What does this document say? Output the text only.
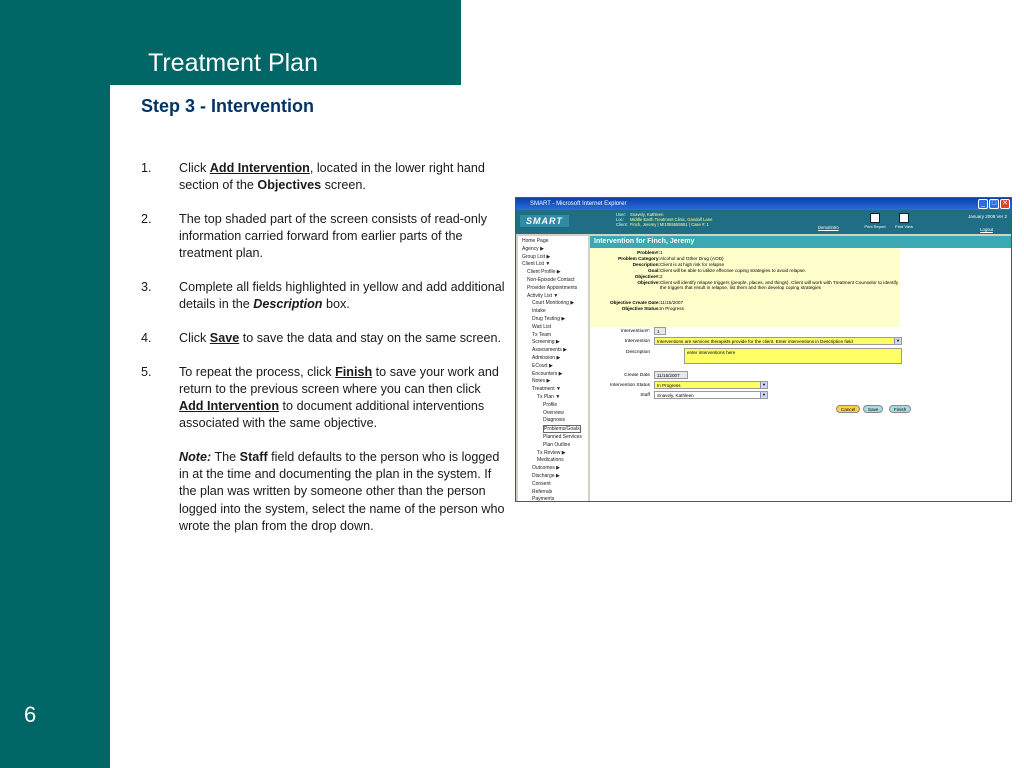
Treatment Plan
Step 3 - Intervention
6
1. Click Add Intervention, located in the lower right hand section of the Objectives screen.
2. The top shaded part of the screen consists of read-only information carried forward from earlier parts of the treatment plan.
3. Complete all fields highlighted in yellow and add additional details in the Description box.
4. Click Save to save the data and stay on the same screen.
5. To repeat the process, click Finish to save your work and return to the previous screen where you can then click Add Intervention to document additional interventions associated with the same objective.
Note: The Staff field defaults to the person who is logged in at the time and documenting the plan in the system. If the plan was written by someone other than the person logged into the system, select the name of the person who wrote the plan from the drop down.
SMART - Microsoft Internet Explorer	_ □ ✕
SMART
User: Snavely, Kathleen
Loc: Middle Earth Treatment Clinic, Gandalf Lane
Client: Finch, Jeremy | MI1055555551 | Case #: 1
Demo/Intro	Print Report	Print View
January 2008 Ver 2
Logout
Home Page
Agency ▶
Group List ▶
Client List ▼
Client Profile ▶
Non-Episode Contact
Provider Appointments
Activity List ▼
Court Monitoring ▶
Intake
Drug Testing ▶
Wait List
Tx Team
Screening ▶
Assessments ▶
Admission ▶
ECourt ▶
Encounters ▶
Notes ▶
Treatment ▼
Tx Plan ▼
Profile
Overview
Diagnosis
Problems/Goals
Planned Services
Plan Outline
Tx Review ▶
Medications
Outcomes ▶
Discharge ▶
Consent
Referrals
Payments
Intervention for Finch, Jeremy
Problem#: 1
Problem Category: Alcohol and Other Drug (AOD)
Description: Client is at high risk for relapse
Goal: Client will be able to utilize effective coping strategies to avoid relapse.
Objective#: 2
Objective: Client will identify relapse triggers (people, places, and things). Client will work with Treatment Counselor to identify the triggers that result in relapse, list them and then develop coping strategies
Objective Create Date: 11/15/2007
Objective Status: In Progress
Intervention#:	1
Intervention	Interventions are services therapists provide for the client. Enter interventions in Description field	▼
Description	enter interventions here
Create Date	11/15/2007
Intervention Status	In Progress	▼
Staff	Snavely, Kathleen	▼
Cancel	Save	Finish
